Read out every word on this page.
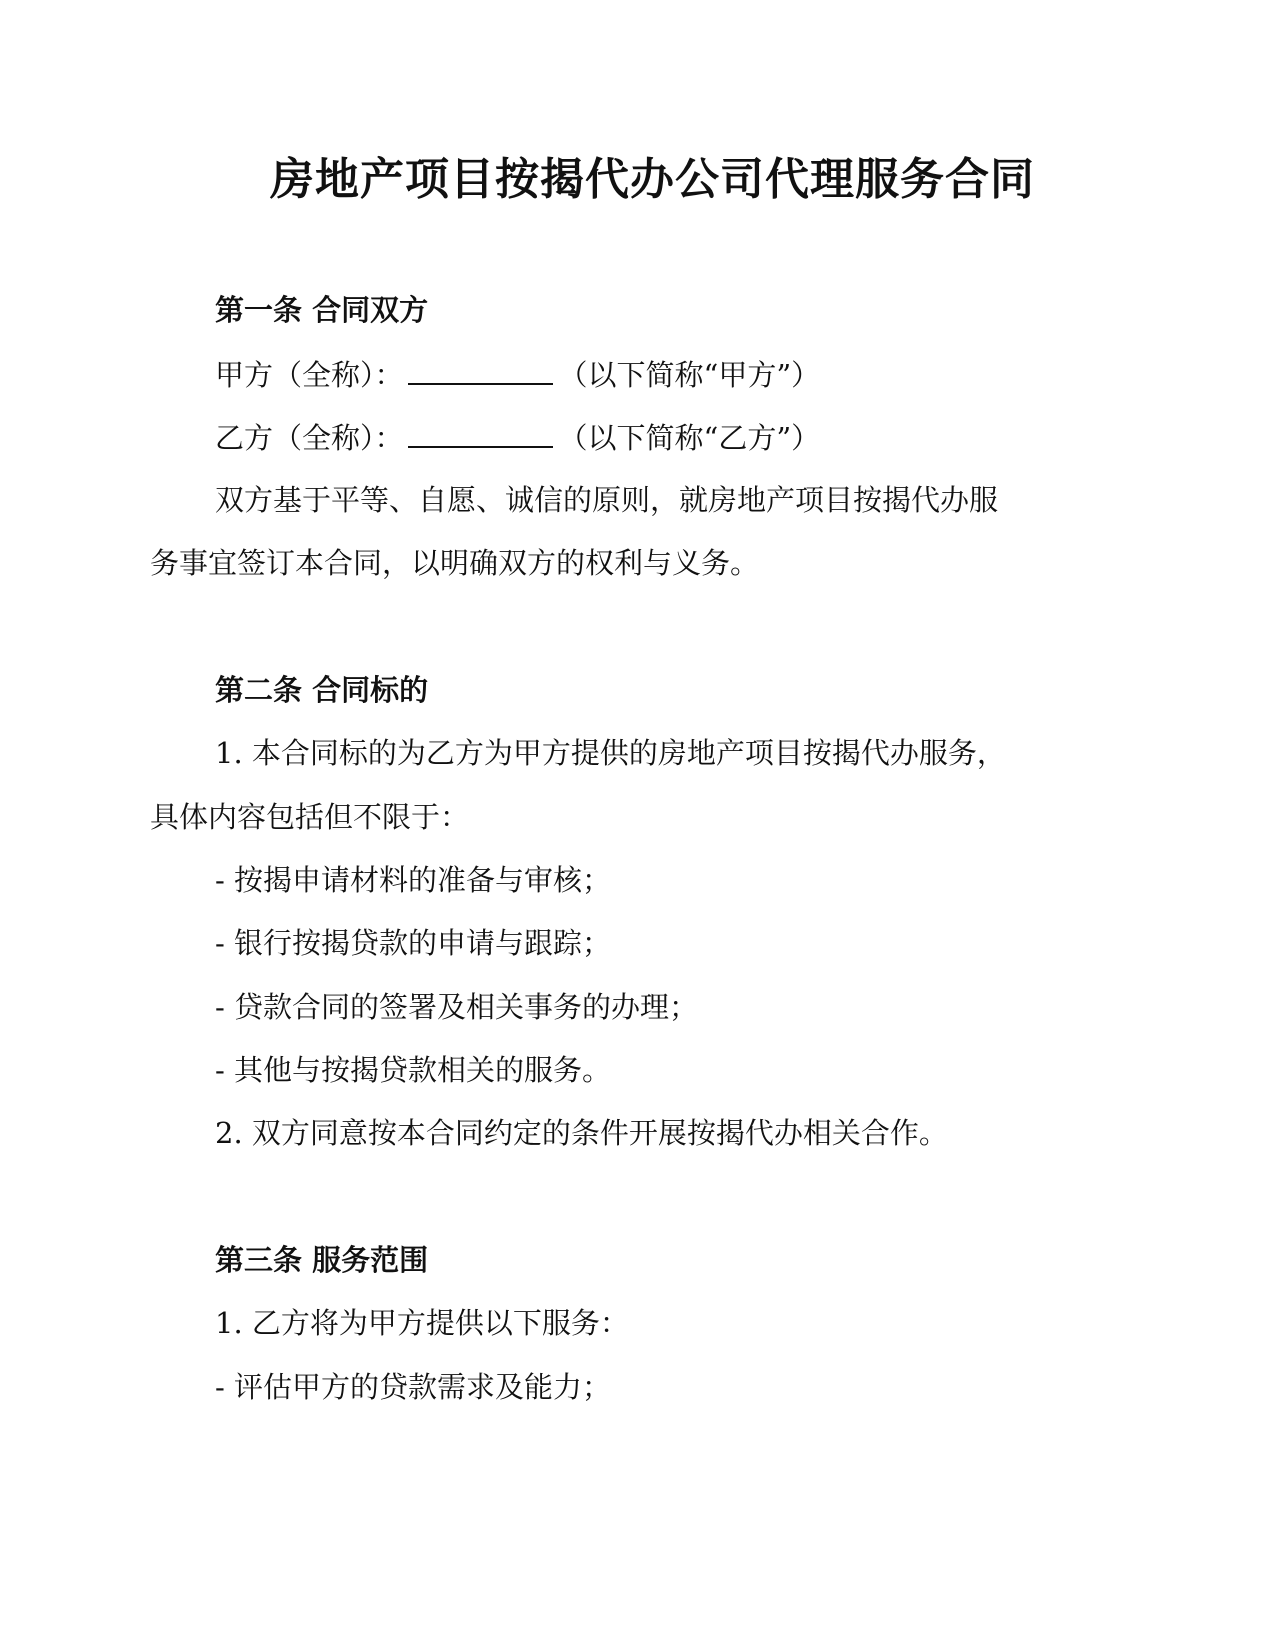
房地产项目按揭代办公司代理服务合同
第一条 合同双方
甲方（全称）：	（以下简称“甲方”）
乙方（全称）：	（以下简称“乙方”）
双方基于平等、自愿、诚信的原则，就房地产项目按揭代办服
务事宜签订本合同，以明确双方的权利与义务。
第二条 合同标的
1. 本合同标的为乙方为甲方提供的房地产项目按揭代办服务，
具体内容包括但不限于：
- 按揭申请材料的准备与审核；
- 银行按揭贷款的申请与跟踪；
- 贷款合同的签署及相关事务的办理；
- 其他与按揭贷款相关的服务。
2. 双方同意按本合同约定的条件开展按揭代办相关合作。
第三条 服务范围
1. 乙方将为甲方提供以下服务：
- 评估甲方的贷款需求及能力；
